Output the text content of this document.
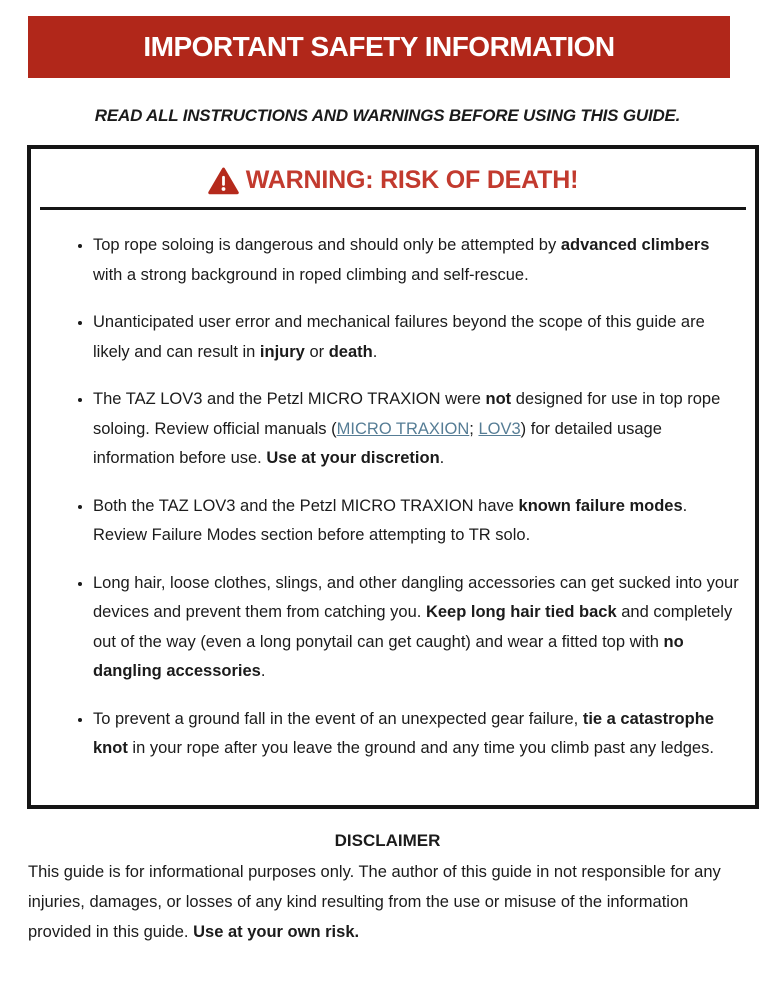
IMPORTANT SAFETY INFORMATION
READ ALL INSTRUCTIONS AND WARNINGS BEFORE USING THIS GUIDE.
WARNING: RISK OF DEATH!
• Top rope soloing is dangerous and should only be attempted by advanced climbers with a strong background in roped climbing and self-rescue.
• Unanticipated user error and mechanical failures beyond the scope of this guide are likely and can result in injury or death.
• The TAZ LOV3 and the Petzl MICRO TRAXION were not designed for use in top rope soloing. Review official manuals (MICRO TRAXION; LOV3) for detailed usage information before use. Use at your discretion.
• Both the TAZ LOV3 and the Petzl MICRO TRAXION have known failure modes. Review Failure Modes section before attempting to TR solo.
• Long hair, loose clothes, slings, and other dangling accessories can get sucked into your devices and prevent them from catching you. Keep long hair tied back and completely out of the way (even a long ponytail can get caught) and wear a fitted top with no dangling accessories.
• To prevent a ground fall in the event of an unexpected gear failure, tie a catastrophe knot in your rope after you leave the ground and any time you climb past any ledges.
DISCLAIMER
This guide is for informational purposes only. The author of this guide in not responsible for any injuries, damages, or losses of any kind resulting from the use or misuse of the information provided in this guide. Use at your own risk.
